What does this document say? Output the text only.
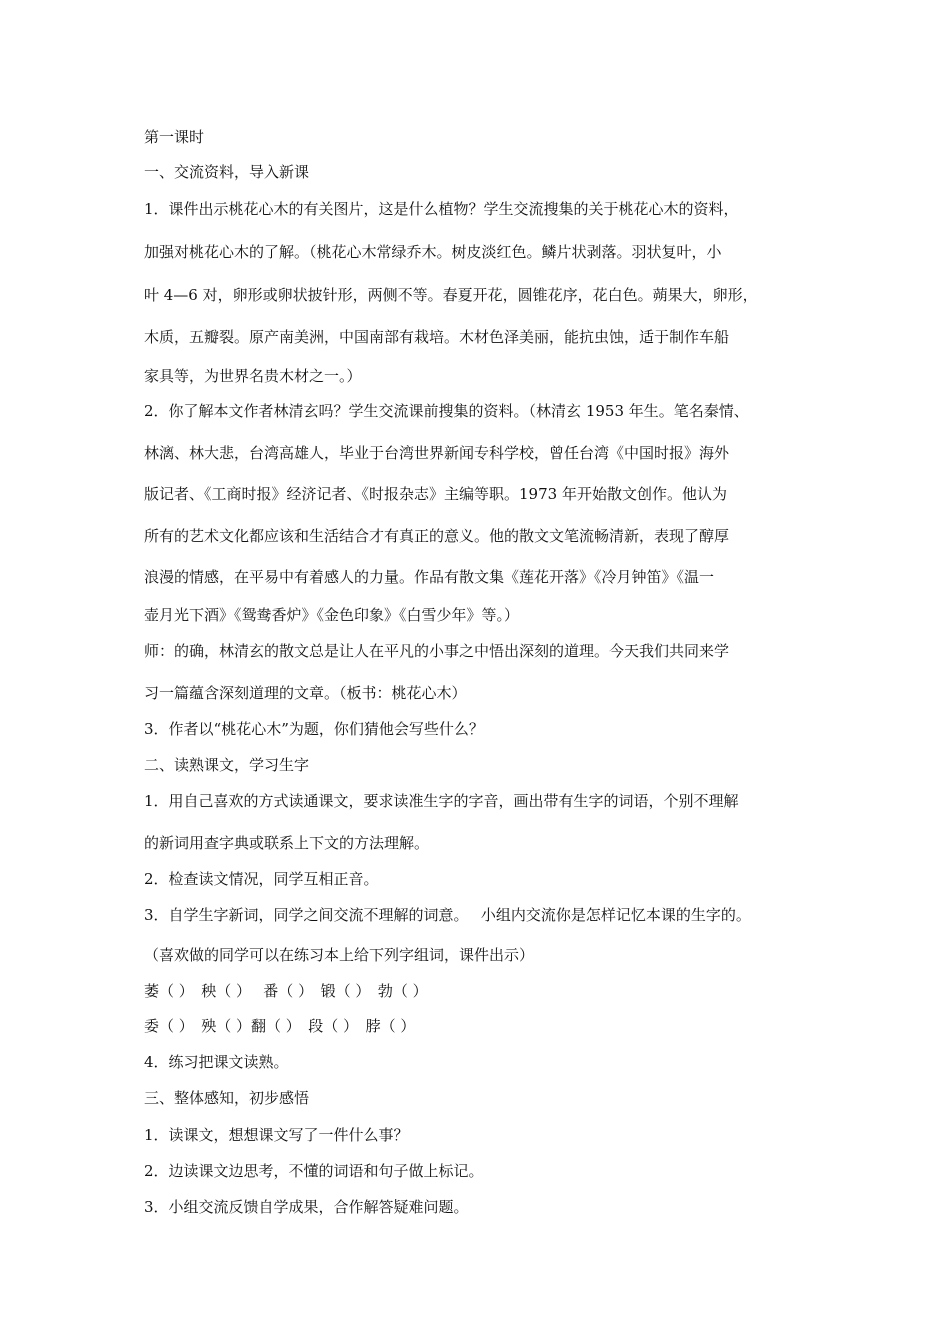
第一课时
一、交流资料，导入新课
1．课件出示桃花心木的有关图片，这是什么植物？学生交流搜集的关于桃花心木的资料，
加强对桃花心木的了解。（桃花心木常绿乔木。树皮淡红色。鳞片状剥落。羽状复叶，小
叶 4—6 对，卵形或卵状披针形，两侧不等。春夏开花，圆锥花序，花白色。蒴果大，卵形，
木质，五瓣裂。原产南美洲，中国南部有栽培。木材色泽美丽，能抗虫蚀，适于制作车船
家具等，为世界名贵木材之一。）
2．你了解本文作者林清玄吗？学生交流课前搜集的资料。（林清玄 1953 年生。笔名秦情、
林漓、林大悲，台湾高雄人，毕业于台湾世界新闻专科学校，曾任台湾《中国时报》海外
版记者、《工商时报》经济记者、《时报杂志》主编等职。1973 年开始散文创作。他认为
所有的艺术文化都应该和生活结合才有真正的意义。他的散文文笔流畅清新，表现了醇厚
浪漫的情感，在平易中有着感人的力量。作品有散文集《莲花开落》《冷月钟笛》《温一
壶月光下酒》《鸳鸯香炉》《金色印象》《白雪少年》等。）
师：的确，林清玄的散文总是让人在平凡的小事之中悟出深刻的道理。今天我们共同来学
习一篇蕴含深刻道理的文章。（板书：桃花心木）
3．作者以“桃花心木”为题，你们猜他会写些什么？
二、读熟课文，学习生字
1．用自己喜欢的方式读通课文，要求读准生字的字音，画出带有生字的词语，个别不理解
的新词用查字典或联系上下文的方法理解。
2．检查读文情况，同学互相正音。
3．自学生字新词，同学之间交流不理解的词意。　 小组内交流你是怎样记忆本课的生字的。
（喜欢做的同学可以在练习本上给下列字组词，课件出示）
萎（ ）　秧（ ）　 番（ ）　锻（ ）　勃（ ）
委（ ）　殃（ ）翻（ ）　段（ ）　脖（ ）
4．练习把课文读熟。
三、整体感知，初步感悟
1．读课文，想想课文写了一件什么事？
2．边读课文边思考，不懂的词语和句子做上标记。
3．小组交流反馈自学成果，合作解答疑难问题。
